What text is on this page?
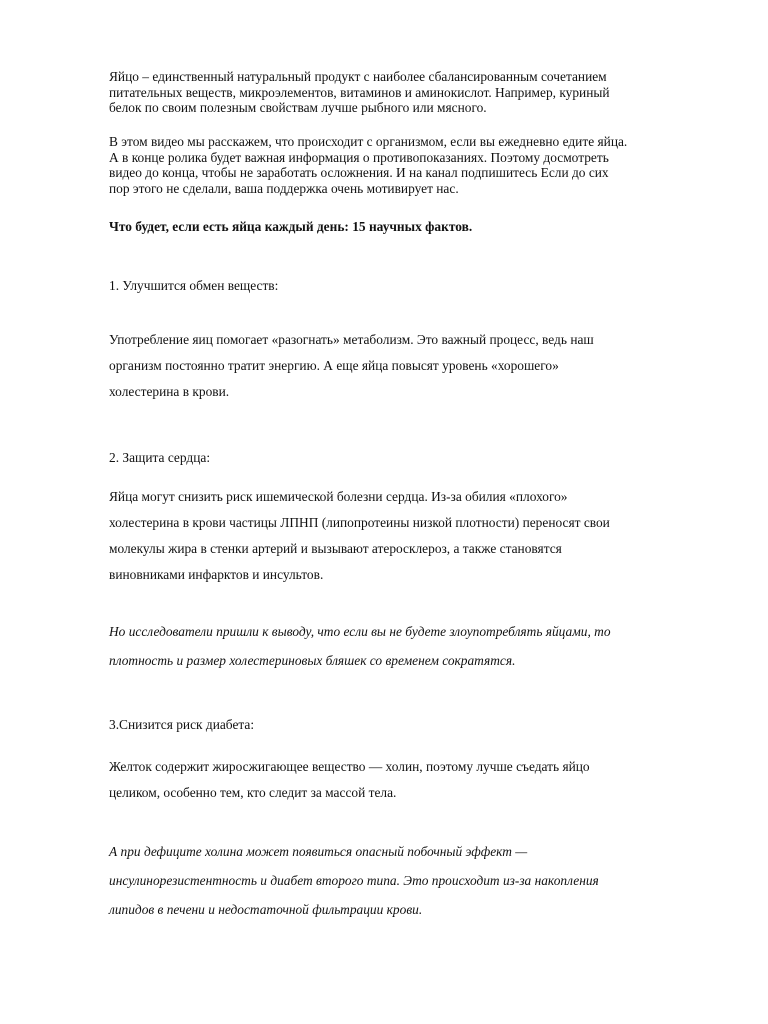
Яйцо – единственный натуральный продукт с наиболее сбалансированным сочетанием
питательных веществ, микроэлементов, витаминов и аминокислот. Например, куриный
белок по своим полезным свойствам лучше рыбного или мясного.

В этом видео мы расскажем, что происходит с организмом, если вы ежедневно едите яйца.
А в конце ролика будет важная информация о противопоказаниях. Поэтому досмотреть
видео до конца, чтобы не заработать осложнения. И на канал подпишитесь Если до сих
пор этого не сделали, ваша поддержка очень мотивирует нас.

Что будет, если есть яйца каждый день: 15 научных фактов.

1. Улучшится обмен веществ:

Употребление яиц помогает «разогнать» метаболизм. Это важный процесс, ведь наш
организм постоянно тратит энергию. А еще яйца повысят уровень «хорошего»
холестерина в крови.

2. Защита сердца:

Яйца могут снизить риск ишемической болезни сердца. Из-за обилия «плохого»
холестерина в крови частицы ЛПНП (липопротеины низкой плотности) переносят свои
молекулы жира в стенки артерий и вызывают атеросклероз, а также становятся
виновниками инфарктов и инсультов.

Но исследователи пришли к выводу, что если вы не будете злоупотреблять яйцами, то
плотность и размер холестериновых бляшек со временем сократятся.

3.Снизится риск диабета:

Желток содержит жиросжигающее вещество — холин, поэтому лучше съедать яйцо
целиком, особенно тем, кто следит за массой тела.

А при дефиците холина может появиться опасный побочный эффект —
инсулинорезистентность и диабет второго типа. Это происходит из-за накопления
липидов в печени и недостаточной фильтрации крови.
